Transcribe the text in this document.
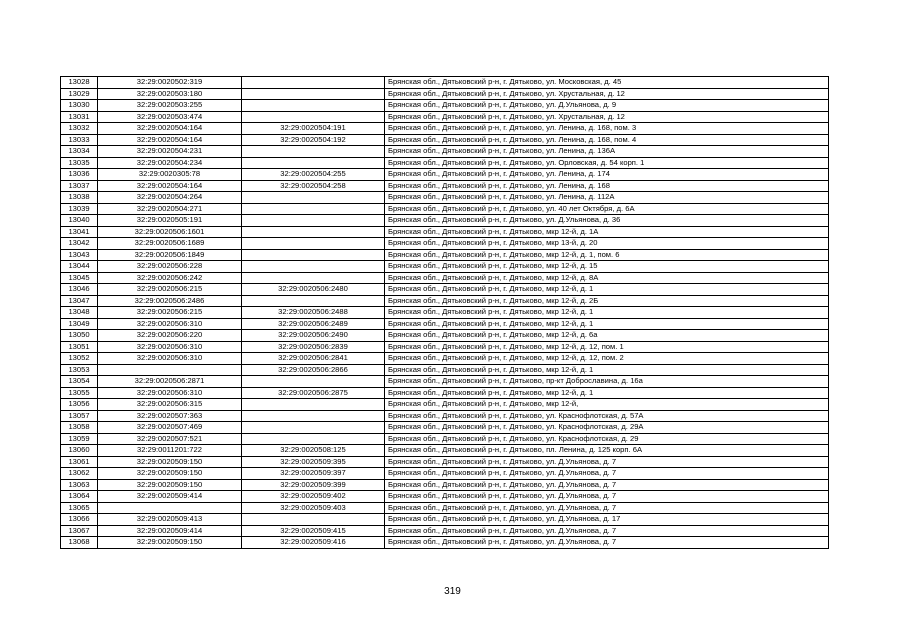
13028	32:29:0020502:319		Брянская обл., Дятьковский р-н, г. Дятьково, ул. Московская, д. 45
13029	32:29:0020503:180		Брянская обл., Дятьковский р-н, г. Дятьково, ул. Хрустальная, д. 12
13030	32:29:0020503:255		Брянская обл., Дятьковский р-н, г. Дятьково, ул. Д.Ульянова, д. 9
13031	32:29:0020503:474		Брянская обл., Дятьковский р-н, г. Дятьково, ул. Хрустальная, д. 12
13032	32:29:0020504:164	32:29:0020504:191	Брянская обл., Дятьковский р-н, г. Дятьково, ул. Ленина, д. 168, пом. 3
13033	32:29:0020504:164	32:29:0020504:192	Брянская обл., Дятьковский р-н, г. Дятьково, ул. Ленина, д. 168, пом. 4
13034	32:29:0020504:231		Брянская обл., Дятьковский р-н, г. Дятьково, ул. Ленина, д. 136А
13035	32:29:0020504:234		Брянская обл., Дятьковский р-н, г. Дятьково, ул. Орловская, д. 54 корп. 1
13036	32:29:0020305:78	32:29:0020504:255	Брянская обл., Дятьковский р-н, г. Дятьково, ул. Ленина, д. 174
13037	32:29:0020504:164	32:29:0020504:258	Брянская обл., Дятьковский р-н, г. Дятьково, ул. Ленина, д. 168
13038	32:29:0020504:264		Брянская обл., Дятьковский р-н, г. Дятьково, ул. Ленина, д. 112А
13039	32:29:0020504:271		Брянская обл., Дятьковский р-н, г. Дятьково, ул. 40 лет Октября, д. 6А
13040	32:29:0020505:191		Брянская обл., Дятьковский р-н, г. Дятьково, ул. Д.Ульянова, д. 36
13041	32:29:0020506:1601		Брянская обл., Дятьковский р-н, г. Дятьково, мкр 12-й, д. 1А
13042	32:29:0020506:1689		Брянская обл., Дятьковский р-н, г. Дятьково, мкр 13-й, д. 20
13043	32:29:0020506:1849		Брянская обл., Дятьковский р-н, г. Дятьково, мкр 12-й, д. 1, пом. 6
13044	32:29:0020506:228		Брянская обл., Дятьковский р-н, г. Дятьково, мкр 12-й, д. 15
13045	32:29:0020506:242		Брянская обл., Дятьковский р-н, г. Дятьково, мкр 12-й, д. 8А
13046	32:29:0020506:215	32:29:0020506:2480	Брянская обл., Дятьковский р-н, г. Дятьково, мкр 12-й, д. 1
13047	32:29:0020506:2486		Брянская обл., Дятьковский р-н, г. Дятьково, мкр 12-й, д. 2Б
13048	32:29:0020506:215	32:29:0020506:2488	Брянская обл., Дятьковский р-н, г. Дятьково, мкр 12-й, д. 1
13049	32:29:0020506:310	32:29:0020506:2489	Брянская обл., Дятьковский р-н, г. Дятьково, мкр 12-й, д. 1
13050	32:29:0020506:220	32:29:0020506:2490	Брянская обл., Дятьковский р-н, г. Дятьково, мкр 12-й, д. 6а
13051	32:29:0020506:310	32:29:0020506:2839	Брянская обл., Дятьковский р-н, г. Дятьково, мкр 12-й, д. 12, пом. 1
13052	32:29:0020506:310	32:29:0020506:2841	Брянская обл., Дятьковский р-н, г. Дятьково, мкр 12-й, д. 12, пом. 2
13053		32:29:0020506:2866	Брянская обл., Дятьковский р-н, г. Дятьково, мкр 12-й, д. 1
13054	32:29:0020506:2871		Брянская обл., Дятьковский р-н, г. Дятьково, пр-кт Доброславина, д. 16а
13055	32:29:0020506:310	32:29:0020506:2875	Брянская обл., Дятьковский р-н, г. Дятьково, мкр 12-й, д. 1
13056	32:29:0020506:315		Брянская обл., Дятьковский р-н, г. Дятьково, мкр 12-й,
13057	32:29:0020507:363		Брянская обл., Дятьковский р-н, г. Дятьково, ул. Краснофлотская, д. 57А
13058	32:29:0020507:469		Брянская обл., Дятьковский р-н, г. Дятьково, ул. Краснофлотская, д. 29А
13059	32:29:0020507:521		Брянская обл., Дятьковский р-н, г. Дятьково, ул. Краснофлотская, д. 29
13060	32:29:0011201:722	32:29:0020508:125	Брянская обл., Дятьковский р-н, г. Дятьково, пл. Ленина, д. 125 корп. 6А
13061	32:29:0020509:150	32:29:0020509:395	Брянская обл., Дятьковский р-н, г. Дятьково, ул. Д.Ульянова, д. 7
13062	32:29:0020509:150	32:29:0020509:397	Брянская обл., Дятьковский р-н, г. Дятьково, ул. Д.Ульянова, д. 7
13063	32:29:0020509:150	32:29:0020509:399	Брянская обл., Дятьковский р-н, г. Дятьково, ул. Д.Ульянова, д. 7
13064	32:29:0020509:414	32:29:0020509:402	Брянская обл., Дятьковский р-н, г. Дятьково, ул. Д.Ульянова, д. 7
13065		32:29:0020509:403	Брянская обл., Дятьковский р-н, г. Дятьково, ул. Д.Ульянова, д. 7
13066	32:29:0020509:413		Брянская обл., Дятьковский р-н, г. Дятьково, ул. Д.Ульянова, д. 17
13067	32:29:0020509:414	32:29:0020509:415	Брянская обл., Дятьковский р-н, г. Дятьково, ул. Д.Ульянова, д. 7
13068	32:29:0020509:150	32:29:0020509:416	Брянская обл., Дятьковский р-н, г. Дятьково, ул. Д.Ульянова, д. 7
319
